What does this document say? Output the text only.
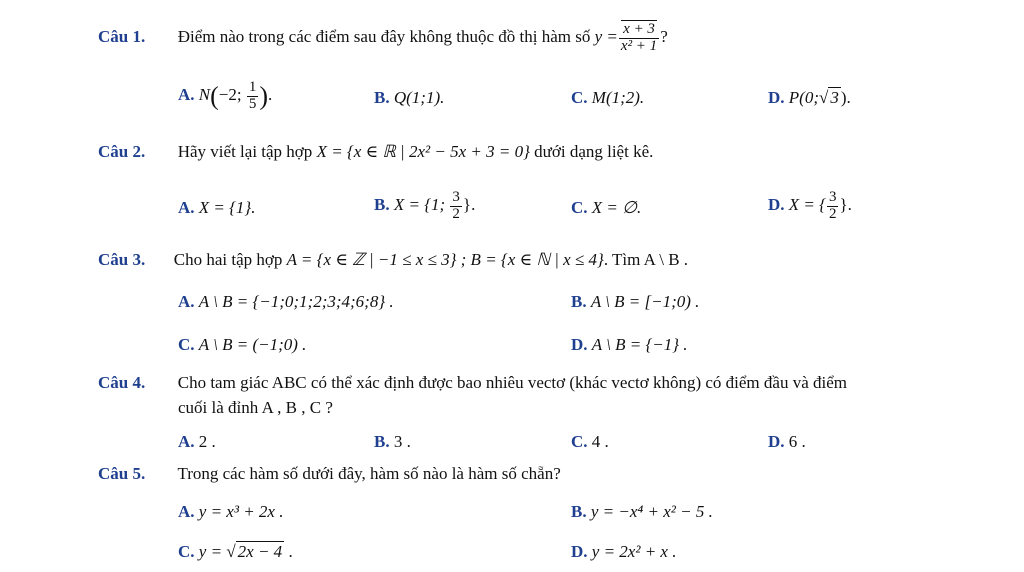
Câu 1. Điểm nào trong các điểm sau đây không thuộc đồ thị hàm số $y = \frac{x + 3}{\text{x² + 1}}$ ?
A. N(−2; $\frac{1}{5}$ ).	B. Q(1;1).	C. M(1;2).	D. P(0;√ 3 ).
Câu 2. Hãy viết lại tập hợp X = {x ∈ ℝ | 2x² − 5x + 3 = 0} dưới dạng liệt kê.
A. X = {1}.	B. X = {1; $\frac{3}{2}$ }.	C. X = ∅.	D. X = { $\frac{3}{2}$ }.
Câu 3. Cho hai tập hợp A = {x ∈ ℤ | −1 ≤ x ≤ 3} ; B = {x ∈ ℕ | x ≤ 4}. Tìm A \ B .
A. A \ B = {−1;0;1;2;3;4;6;8} .	B. A \ B = [−1;0) .
C. A \ B = (−1;0) .	D. A \ B = {−1} .
Câu 4. Cho tam giác ABC có thể xác định được bao nhiêu vectơ (khác vectơ không) có điểm đầu và điểm
cuối là đỉnh A , B , C ?
A. 2 .	B. 3 .	C. 4 .	D. 6 .
Câu 5. Trong các hàm số dưới đây, hàm số nào là hàm số chẵn?
A. y = x³ + 2x .	B. y = −x⁴ + x² − 5 .
C. y = √ 2x − 4 .	D. y = 2x² + x .
